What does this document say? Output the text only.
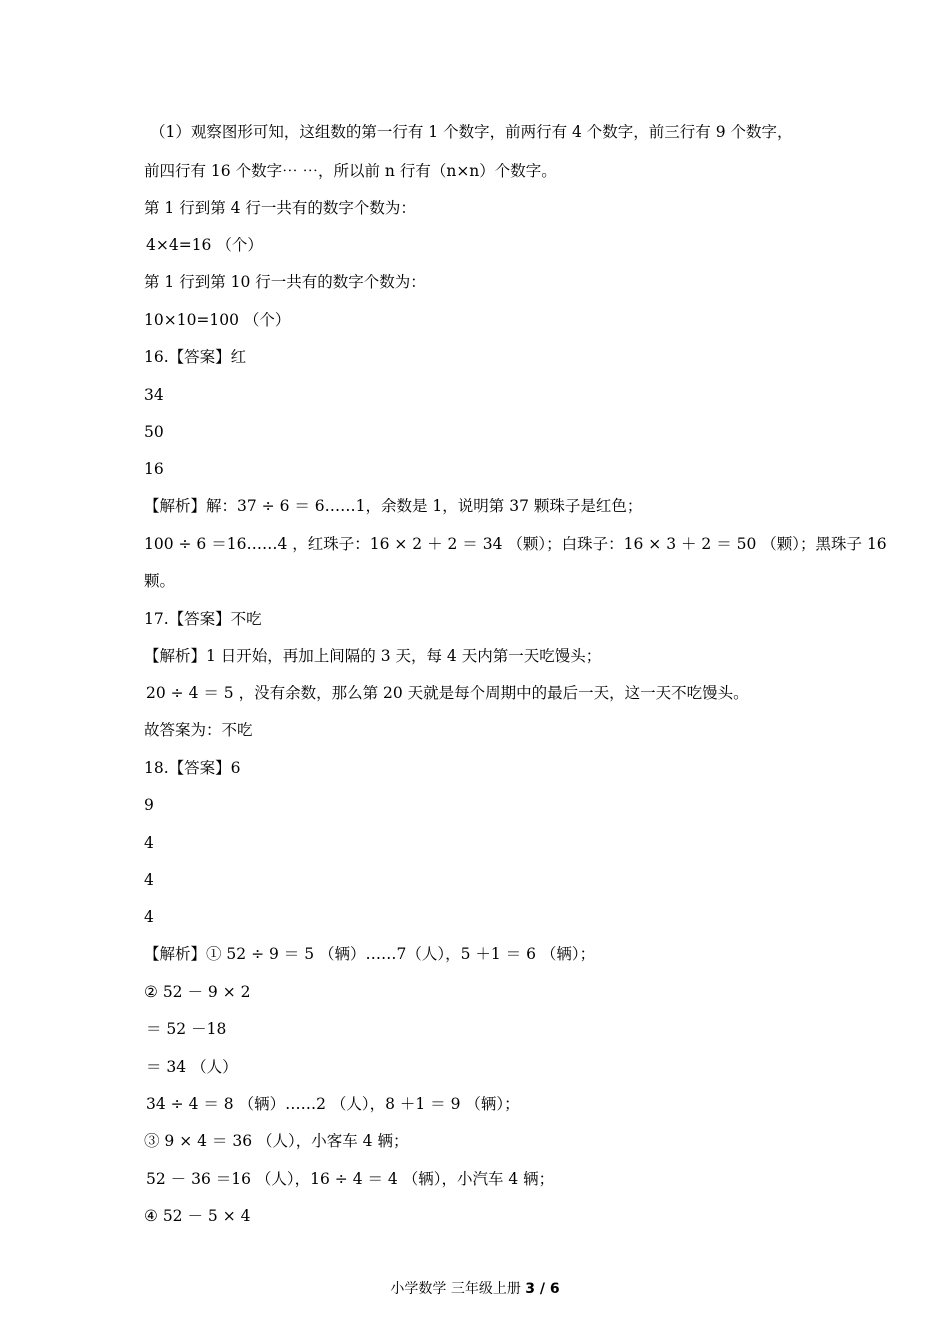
（1）观察图形可知，这组数的第一行有 1 个数字，前两行有 4 个数字，前三行有 9 个数字，
前四行有 16 个数字⋯ ⋯，所以前 n 行有（n⨯n）个数字。
第 1 行到第 4 行一共有的数字个数为：
4⨯4=16 （个）
第 1 行到第 10 行一共有的数字个数为：
10⨯10=100 （个）
16.【答案】红
34
50
16
【解析】解：37 ÷ 6 ＝ 6……1，余数是 1，说明第 37 颗珠子是红色；
100 ÷ 6 ＝16……4 ，红珠子：16 ⨯ 2 ＋ 2 ＝ 34 （颗）；白珠子：16 ⨯ 3 ＋ 2 ＝ 50 （颗）；黑珠子 16
颗。
17.【答案】不吃
【解析】1 日开始，再加上间隔的 3 天，每 4 天内第一天吃馒头；
20 ÷ 4 ＝ 5 ，没有余数，那么第 20 天就是每个周期中的最后一天，这一天不吃馒头。
故答案为：不吃
18.【答案】6
9
4
4
4
【解析】① 52 ÷ 9 ＝ 5 （辆）……7（人），5 ＋1 ＝ 6 （辆）；
② 52 － 9 ⨯ 2
＝ 52 －18
＝ 34 （人）
34 ÷ 4 ＝ 8 （辆）……2 （人），8 ＋1 ＝ 9 （辆）；
③ 9 ⨯ 4 ＝ 36 （人），小客车 4 辆；
52 － 36 ＝16 （人），16 ÷ 4 ＝ 4 （辆），小汽车 4 辆；
④ 52 － 5 ⨯ 4
小学数学 三年级上册 3 / 6
